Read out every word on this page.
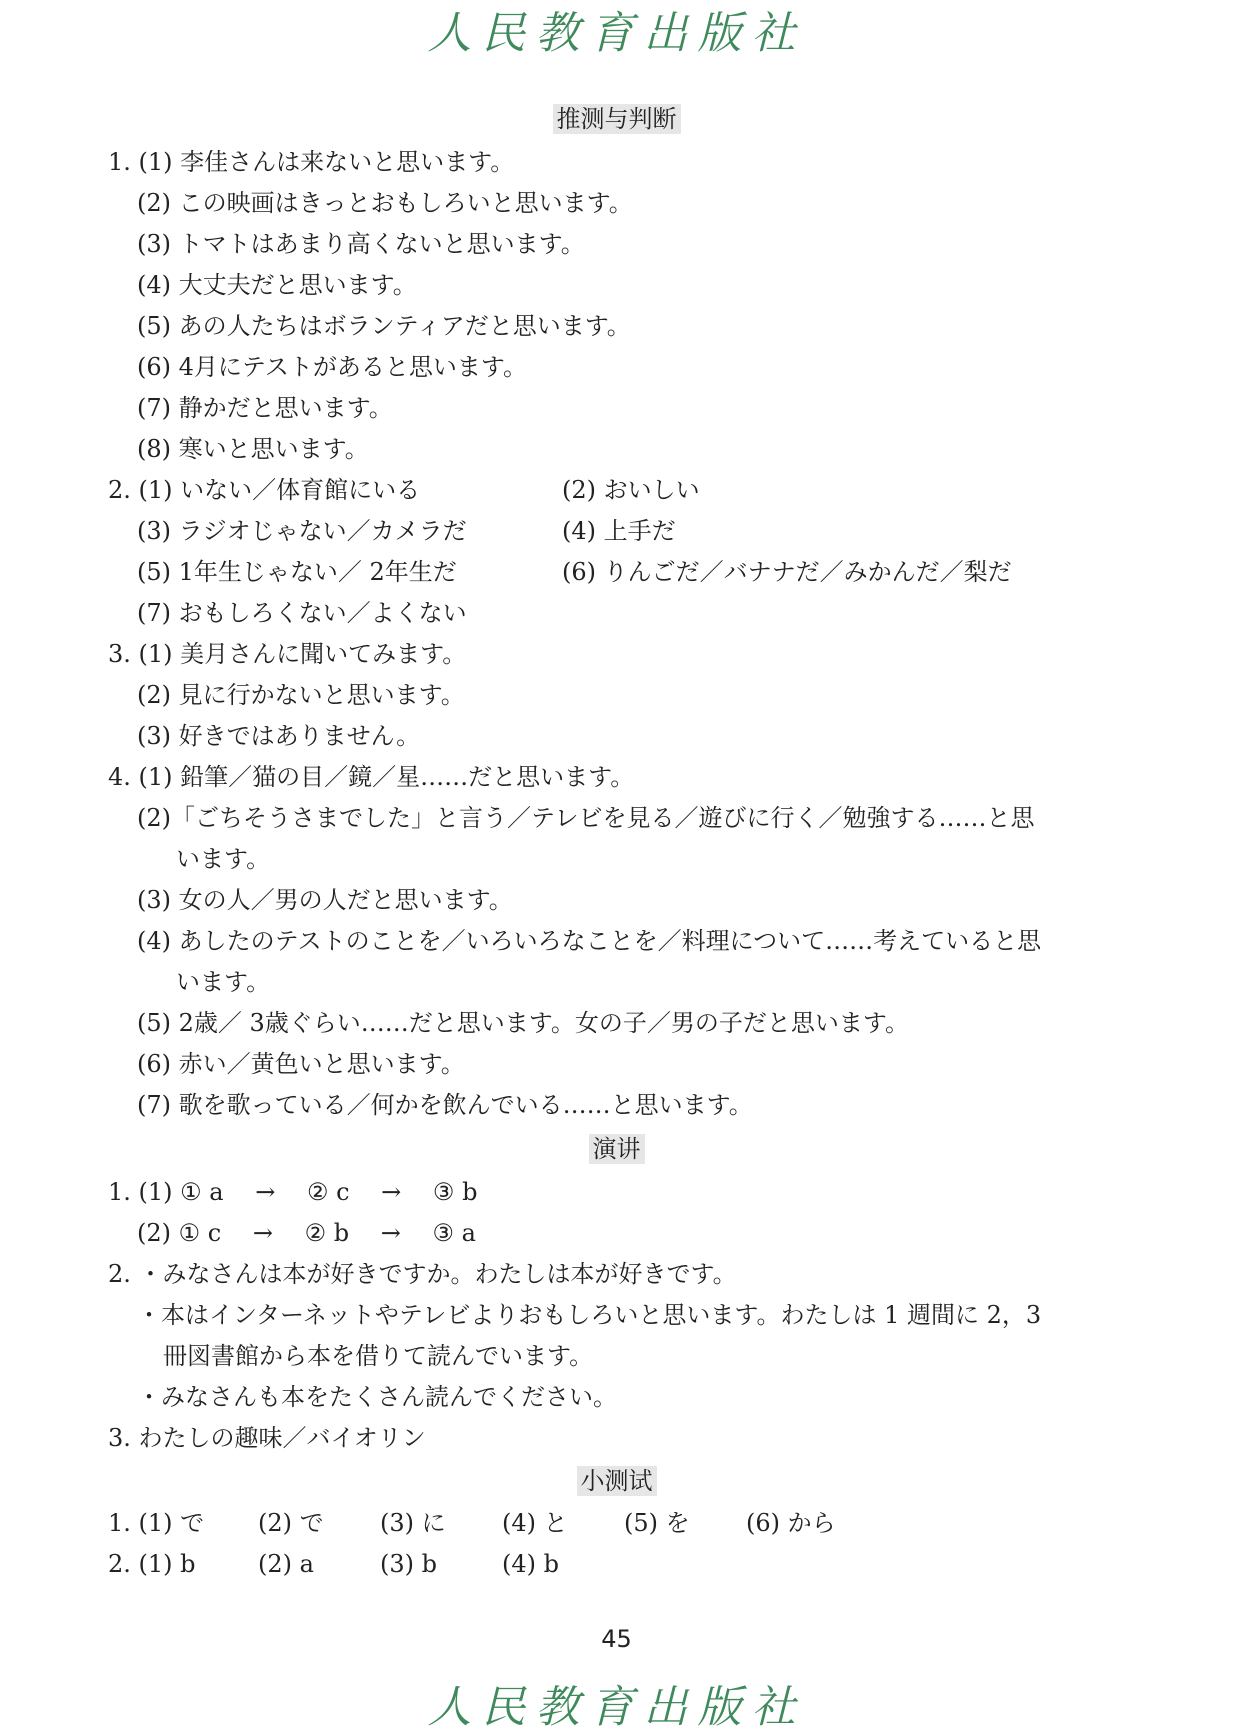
人民教育出版社
推测与判断
1. (1) 李佳さんは来ないと思います。
(2) この映画はきっとおもしろいと思います。
(3) トマトはあまり高くないと思います。
(4) 大丈夫だと思います。
(5) あの人たちはボランティアだと思います。
(6) 4月にテストがあると思います。
(7) 静かだと思います。
(8) 寒いと思います。
2. (1) いない／体育館にいる	(2) おいしい
(3) ラジオじゃない／カメラだ	(4) 上手だ
(5) 1年生じゃない／ 2年生だ	(6) りんごだ／バナナだ／みかんだ／梨だ
(7) おもしろくない／よくない
3. (1) 美月さんに聞いてみます。
(2) 見に行かないと思います。
(3) 好きではありません。
4. (1) 鉛筆／猫の目／鏡／星……だと思います。
(2)「ごちそうさまでした」と言う／テレビを見る／遊びに行く／勉強する……と思
います。
(3) 女の人／男の人だと思います。
(4) あしたのテストのことを／いろいろなことを／料理について……考えていると思
います。
(5) 2歳／ 3歳ぐらい……だと思います。女の子／男の子だと思います。
(6) 赤い／黄色いと思います。
(7) 歌を歌っている／何かを飲んでいる……と思います。
演讲
1. (1) ① a　 →　 ② c　 →　 ③ b
(2) ① c　 →　 ② b　 →　 ③ a
2. ・みなさんは本が好きですか。わたしは本が好きです。
・本はインターネットやテレビよりおもしろいと思います。わたしは 1 週間に 2，3
冊図書館から本を借りて読んでいます。
・みなさんも本をたくさん読んでください。
3. わたしの趣味／バイオリン
小测试
1. (1) で (2) で (3) に (4) と (5) を (6) から
2. (1) b	(2) a	(3) b	(4) b
45
人民教育出版社
